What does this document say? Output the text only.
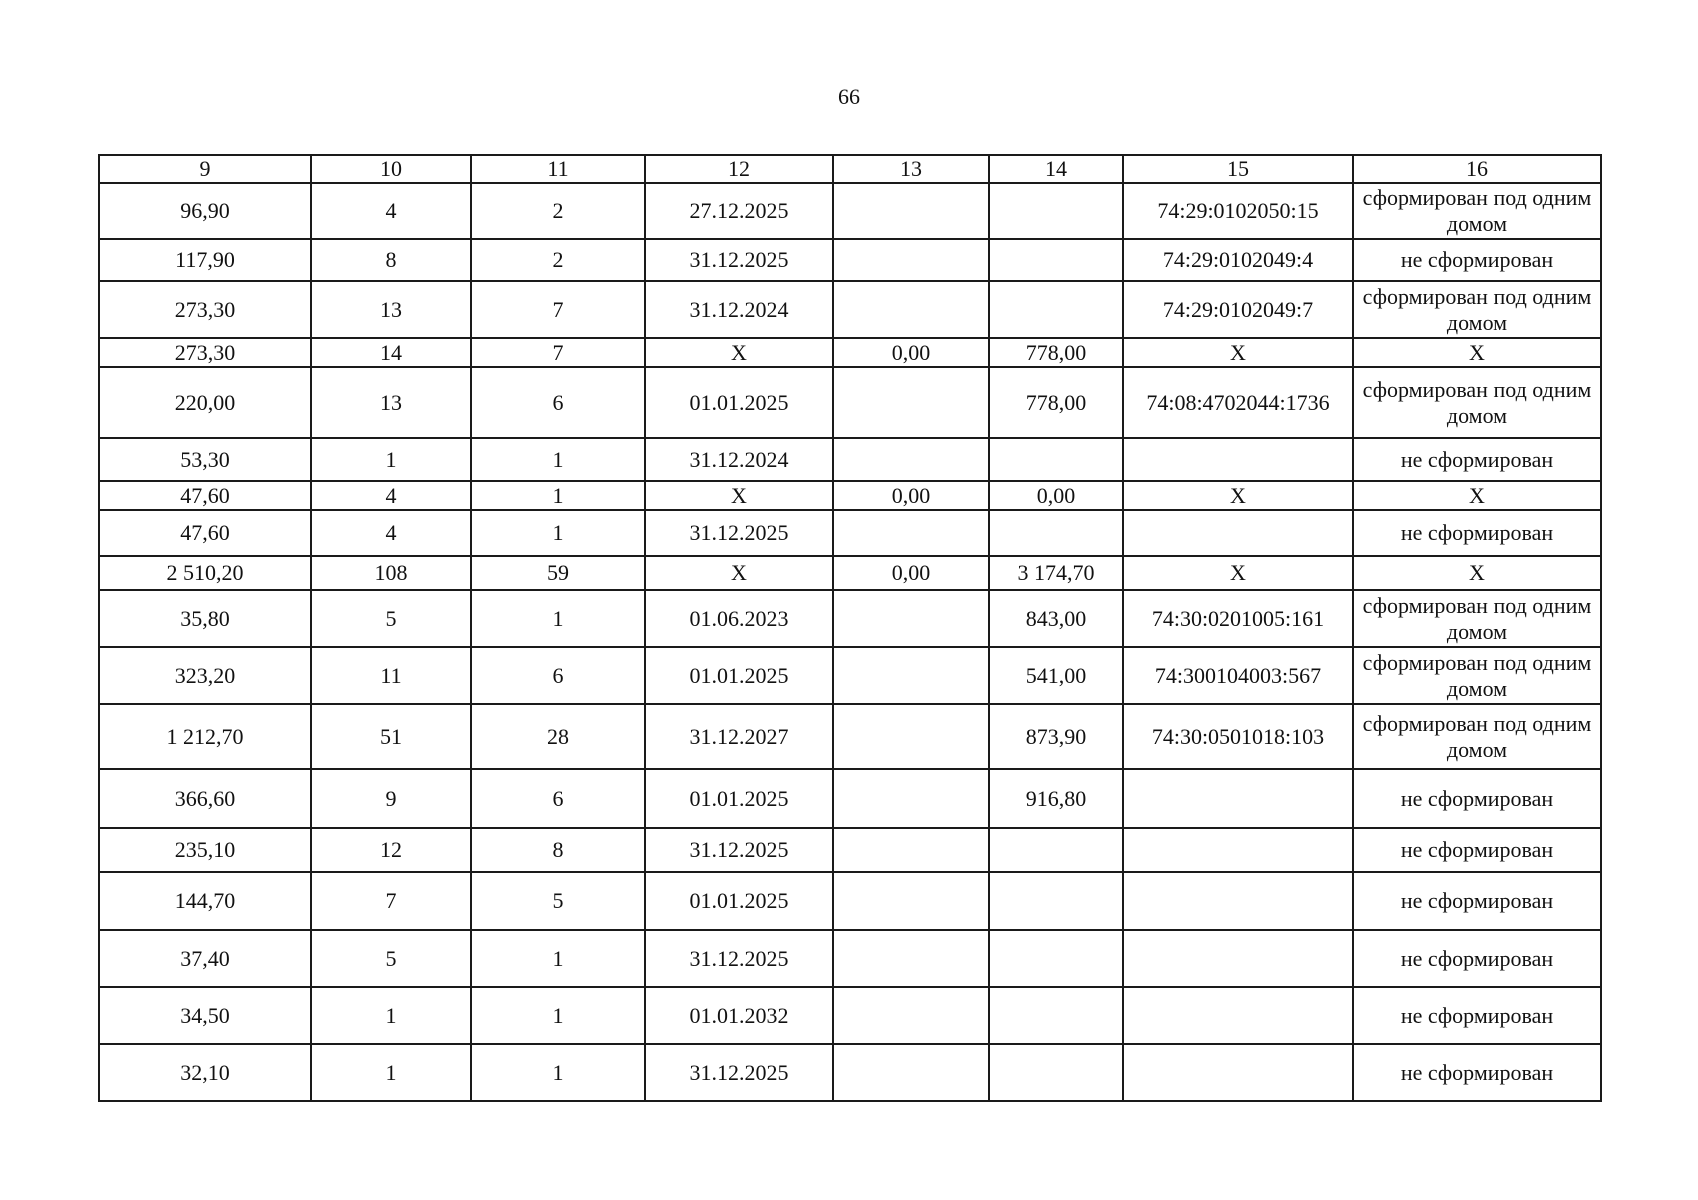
66
9	10	11	12	13	14	15	16
96,90	4	2	27.12.2025			74:29:0102050:15	сформирован под одним домом
117,90	8	2	31.12.2025			74:29:0102049:4	не сформирован
273,30	13	7	31.12.2024			74:29:0102049:7	сформирован под одним домом
273,30	14	7	Х	0,00	778,00	Х	Х
220,00	13	6	01.01.2025		778,00	74:08:4702044:1736	сформирован под одним домом
53,30	1	1	31.12.2024				не сформирован
47,60	4	1	Х	0,00	0,00	Х	Х
47,60	4	1	31.12.2025				не сформирован
2 510,20	108	59	Х	0,00	3 174,70	Х	Х
35,80	5	1	01.06.2023		843,00	74:30:0201005:161	сформирован под одним домом
323,20	11	6	01.01.2025		541,00	74:300104003:567	сформирован под одним домом
1 212,70	51	28	31.12.2027		873,90	74:30:0501018:103	сформирован под одним домом
366,60	9	6	01.01.2025		916,80		не сформирован
235,10	12	8	31.12.2025				не сформирован
144,70	7	5	01.01.2025				не сформирован
37,40	5	1	31.12.2025				не сформирован
34,50	1	1	01.01.2032				не сформирован
32,10	1	1	31.12.2025				не сформирован
